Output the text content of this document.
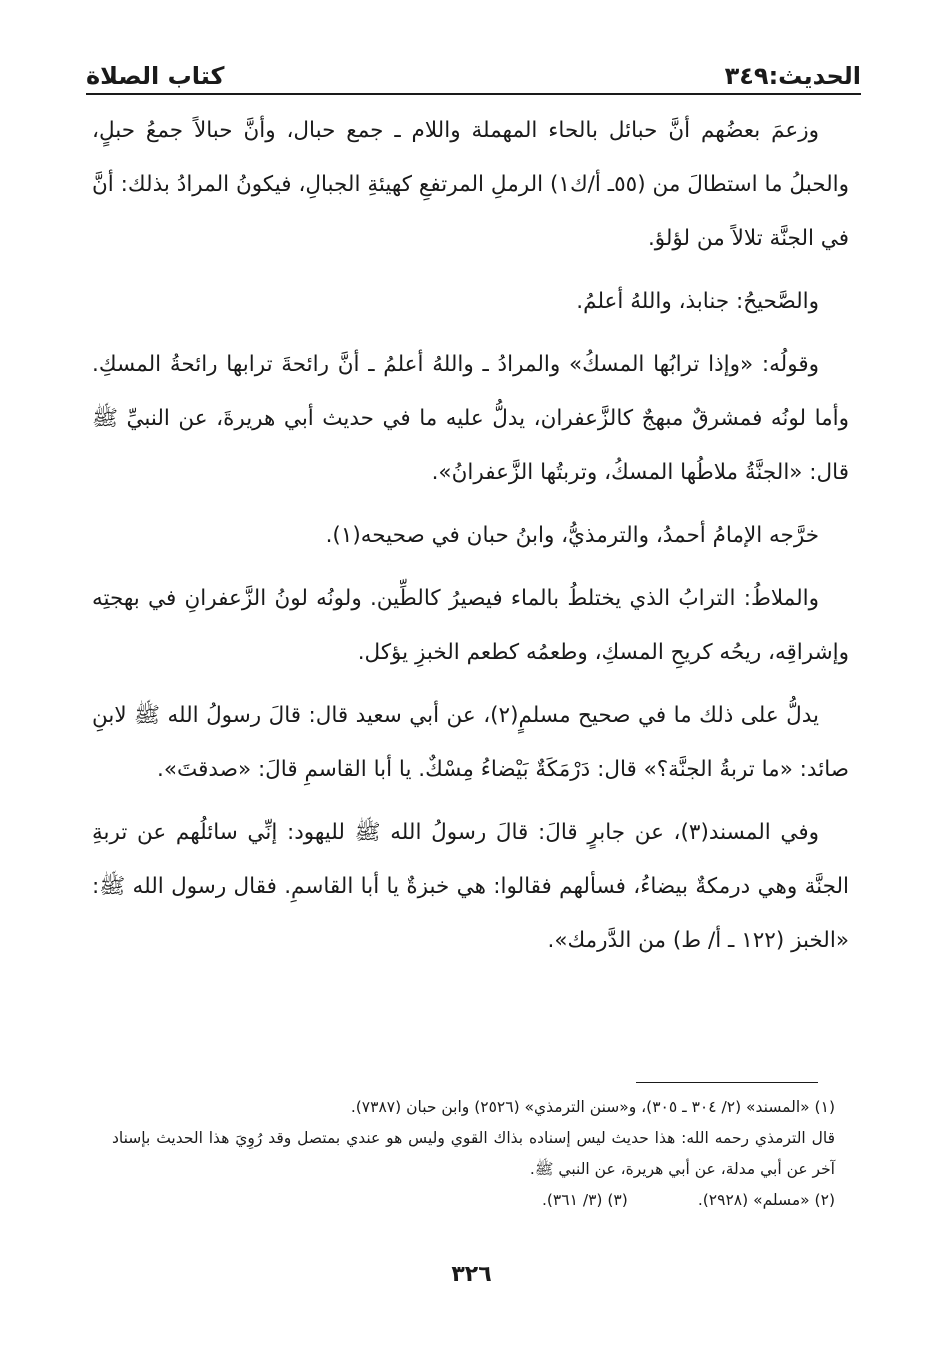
الحديث:٣٤٩
كتاب الصلاة

وزعمَ بعضُهم أنَّ حبائل بالحاء المهملة واللام ـ جمع حبال، وأنَّ حبالاً جمعُ حبلٍ، والحبلُ ما استطالَ من (٥٥ـ أ/ك١) الرملِ المرتفعِ كهيئةِ الجبالِ، فيكونُ المرادُ بذلك: أنَّ في الجنَّة تلالاً من لؤلؤ.

والصَّحيحُ: جنابذ، واللهُ أعلمُ.

وقولُه: «وإذا ترابُها المسكُ» والمرادُ ـ واللهُ أعلمُ ـ أنَّ رائحةَ ترابها رائحةُ المسكِ. وأما لونُه فمشرقٌ مبهجٌ كالزَّعفران، يدلُّ عليه ما في حديث أبي هريرةَ، عن النبيِّ ﷺ قال: «الجنَّةُ ملاطُها المسكُ، وتربتُها الزَّعفرانُ».

خرَّجه الإمامُ أحمدُ، والترمذيُّ، وابنُ حبان في صحيحه(١).

والملاطُ: الترابُ الذي يختلطُ بالماء فيصيرُ كالطِّين. ولونُه لونُ الزَّعفرانِ في بهجتِه وإشراقِه، ريحُه كريحِ المسكِ، وطعمُه كطعم الخبزِ يؤكل.

يدلُّ على ذلك ما في صحيح مسلمٍ(٢)، عن أبي سعيد قال: قالَ رسولُ الله ﷺ لابنِ صائد: «ما تربةُ الجنَّة؟» قال: دَرْمَكَةٌ بَيْضاءُ مِسْكٌ. يا أبا القاسمِ قالَ: «صدقتَ».

وفي المسند(٣)، عن جابرٍ قالَ: قالَ رسولُ الله ﷺ لليهود: إنِّي سائلُهم عن تربةِ الجنَّة وهي درمكةٌ بيضاءُ، فسألهم فقالوا: هي خبزةٌ يا أبا القاسمِ. فقال رسول الله ﷺ: «الخبز (١٢٢ ـ أ/ ط) من الدَّرمك».

(١) «المسند» (٢/ ٣٠٤ ـ ٣٠٥)، و«سنن الترمذي» (٢٥٢٦) وابن حبان (٧٣٨٧).

قال الترمذي رحمه الله: هذا حديث ليس إسناده بذاك القوي وليس هو عندي بمتصل وقد رُوِيَ هذا الحديث بإسناد آخر عن أبي مدلة، عن أبي هريرة، عن النبي ﷺ.

(٢) «مسلم» (٢٩٢٨).
(٣) (٣/ ٣٦١).
٣٢٦
